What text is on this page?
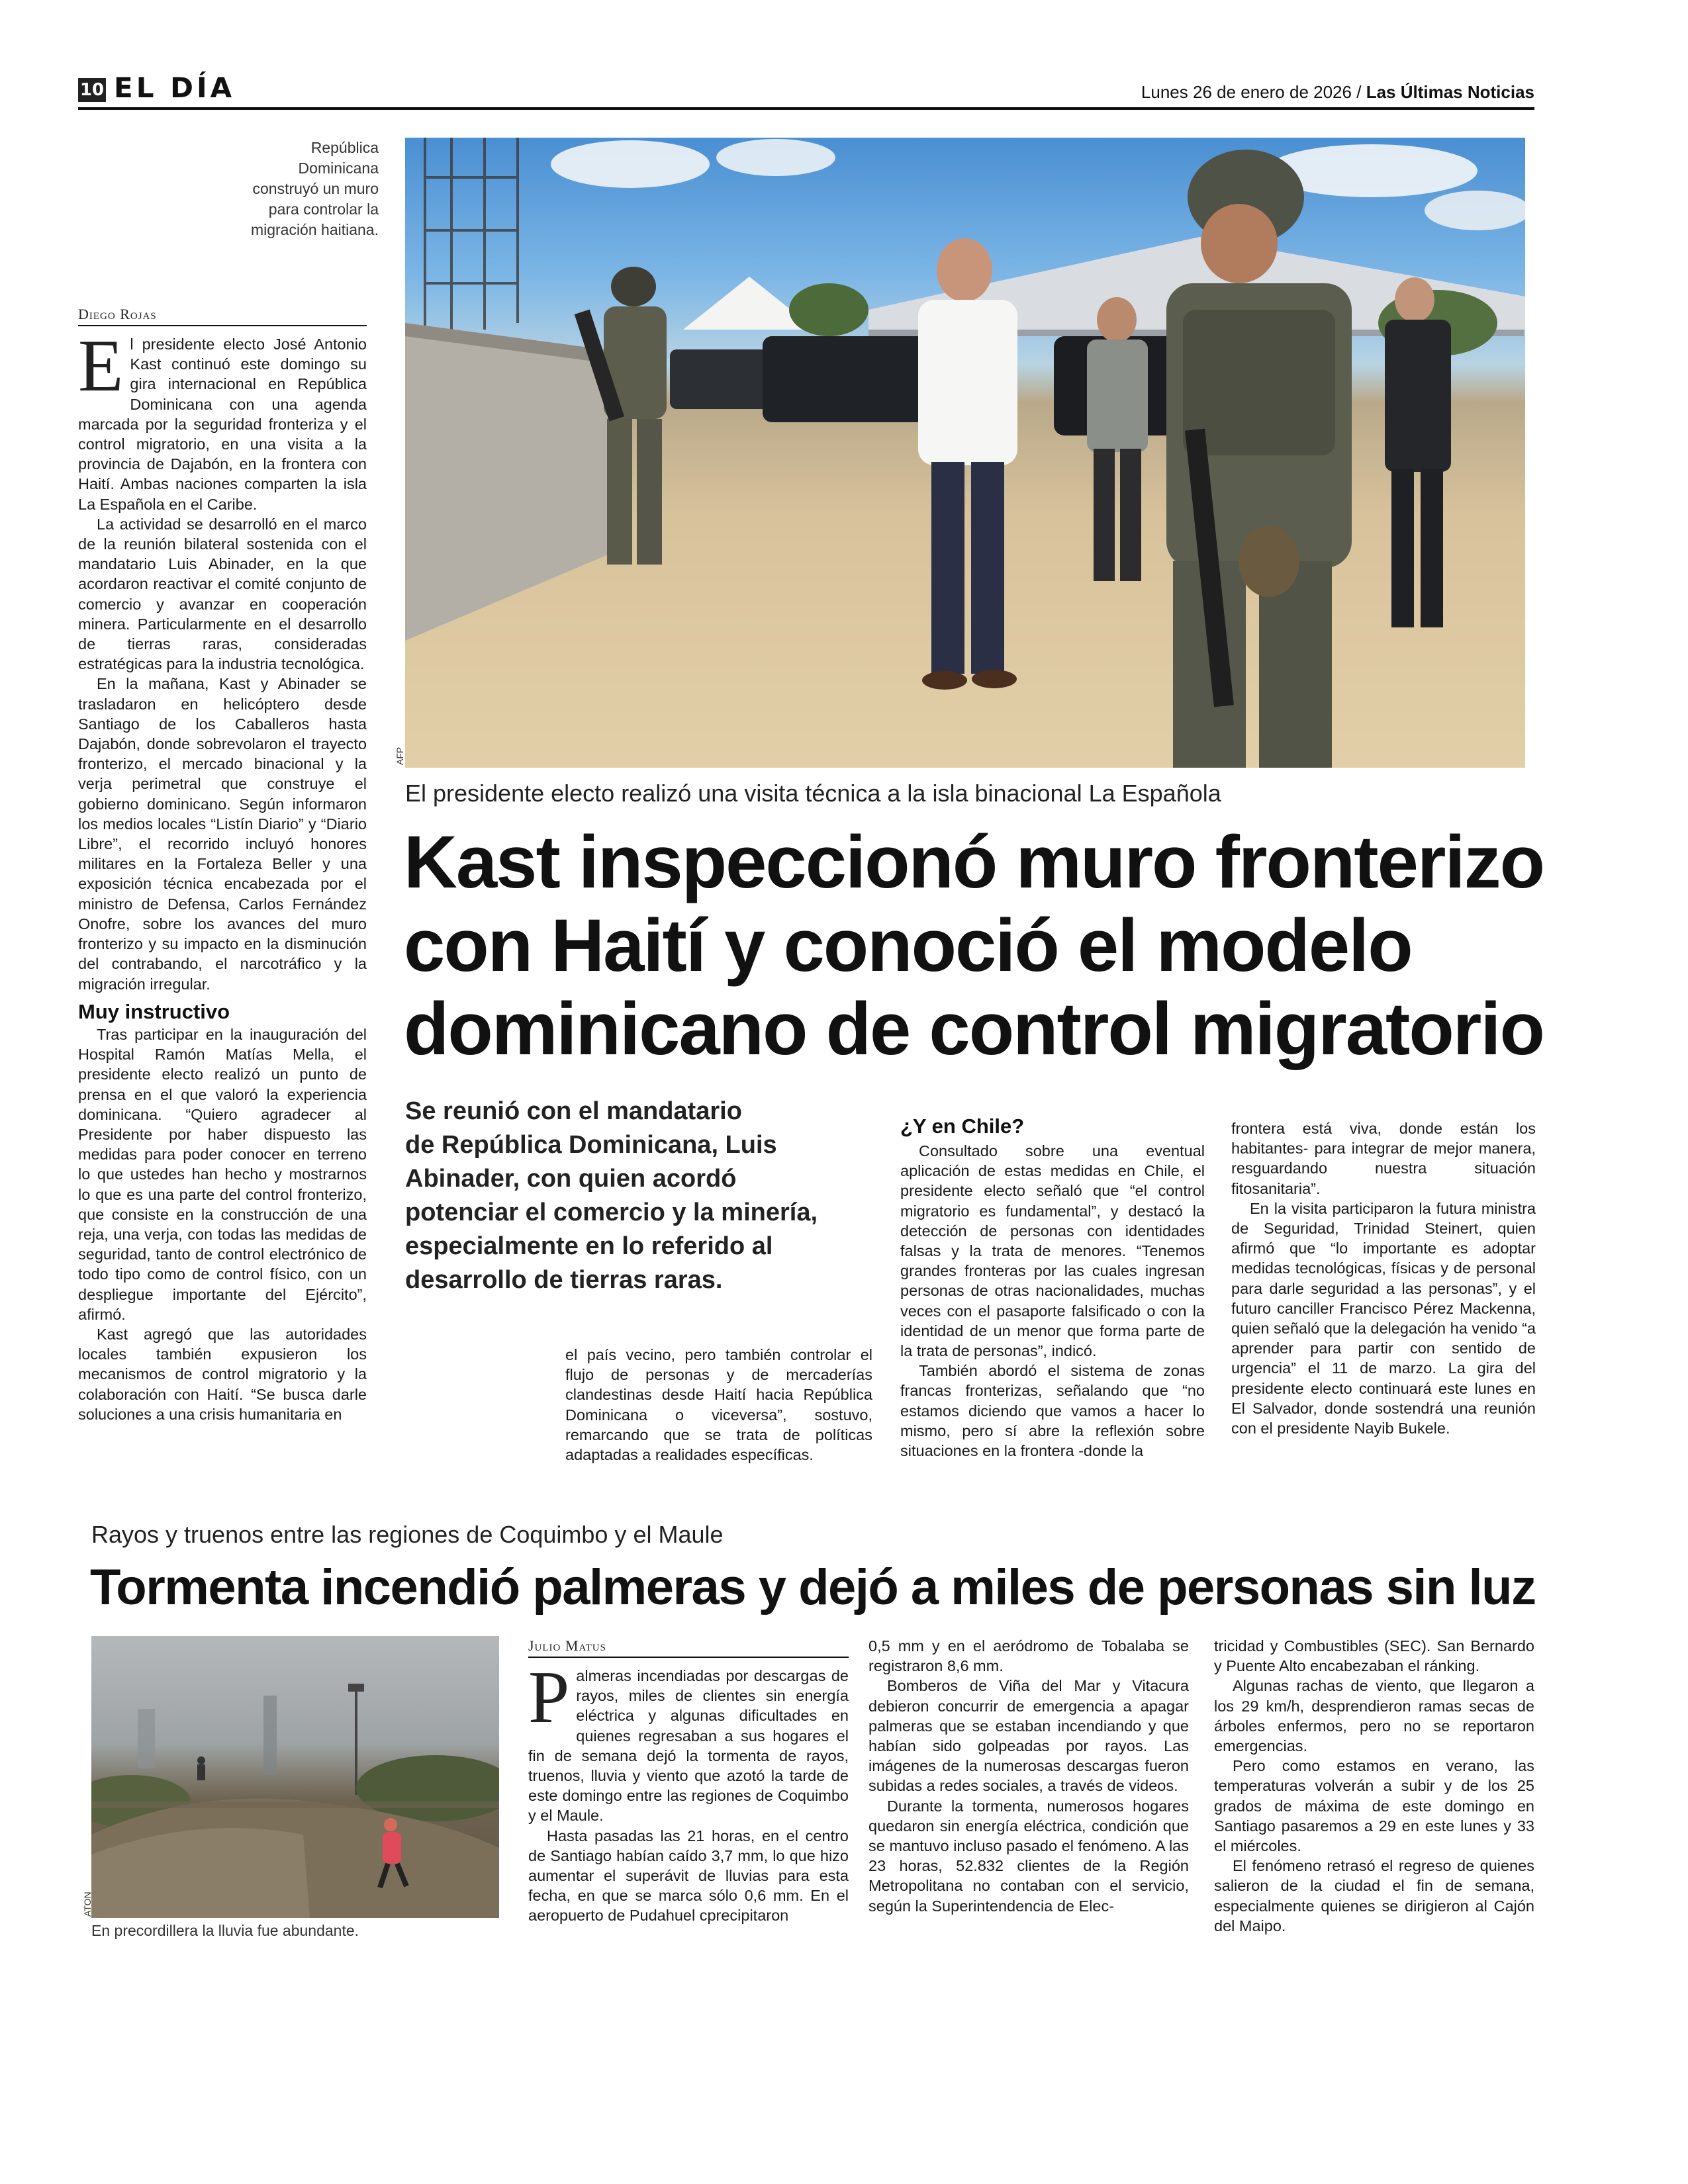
10 EL DÍA	Lunes 26 de enero de 2026 / Las Últimas Noticias
República Dominicana construyó un muro para controlar la migración haitiana.
AFP
El presidente electo realizó una visita técnica a la isla binacional La Española
Kast inspeccionó muro fronterizo
con Haití y conoció el modelo
dominicano de control migratorio
Se reunió con el mandatario
de República Dominicana, Luis
Abinader, con quien acordó
potenciar el comercio y la minería,
especialmente en lo referido al
desarrollo de tierras raras.
Diego Rojas

El presidente electo José Antonio Kast continuó este domingo su gira internacional en República Dominicana con una agenda marcada por la seguridad fronteriza y el control migratorio, en una visita a la provincia de Dajabón, en la frontera con Haití. Ambas naciones comparten la isla La Española en el Caribe.

La actividad se desarrolló en el marco de la reunión bilateral sostenida con el mandatario Luis Abinader, en la que acordaron reactivar el comité conjunto de comercio y avanzar en cooperación minera. Particularmente en el desarrollo de tierras raras, consideradas estratégicas para la industria tecnológica.

En la mañana, Kast y Abinader se trasladaron en helicóptero desde Santiago de los Caballeros hasta Dajabón, donde sobrevolaron el trayecto fronterizo, el mercado binacional y la verja perimetral que construye el gobierno dominicano. Según informaron los medios locales “Listín Diario” y “Diario Libre”, el recorrido incluyó honores militares en la Fortaleza Beller y una exposición técnica encabezada por el ministro de Defensa, Carlos Fernández Onofre, sobre los avances del muro fronterizo y su impacto en la disminución del contrabando, el narcotráfico y la migración irregular.

Muy instructivo

Tras participar en la inauguración del Hospital Ramón Matías Mella, el presidente electo realizó un punto de prensa en el que valoró la experiencia dominicana. “Quiero agradecer al Presidente por haber dispuesto las medidas para poder conocer en terreno lo que ustedes han hecho y mostrarnos lo que es una parte del control fronterizo, que consiste en la construcción de una reja, una verja, con todas las medidas de seguridad, tanto de control electrónico de todo tipo como de control físico, con un despliegue importante del Ejército”, afirmó.

Kast agregó que las autoridades locales también expusieron los mecanismos de control migratorio y la colaboración con Haití. “Se busca darle soluciones a una crisis humanitaria en

el país vecino, pero también controlar el flujo de personas y de mercaderías clandestinas desde Haití hacia República Dominicana o viceversa”, sostuvo, remarcando que se trata de políticas adaptadas a realidades específicas.

¿Y en Chile?

Consultado sobre una eventual aplicación de estas medidas en Chile, el presidente electo señaló que “el control migratorio es fundamental”, y destacó la detección de personas con identidades falsas y la trata de menores. “Tenemos grandes fronteras por las cuales ingresan personas de otras nacionalidades, muchas veces con el pasaporte falsificado o con la identidad de un menor que forma parte de la trata de personas”, indicó.

También abordó el sistema de zonas francas fronterizas, señalando que “no estamos diciendo que vamos a hacer lo mismo, pero sí abre la reflexión sobre situaciones en la frontera -donde la

frontera está viva, donde están los habitantes- para integrar de mejor manera, resguardando nuestra situación fitosanitaria”.

En la visita participaron la futura ministra de Seguridad, Trinidad Steinert, quien afirmó que “lo importante es adoptar medidas tecnológicas, físicas y de personal para darle seguridad a las personas”, y el futuro canciller Francisco Pérez Mackenna, quien señaló que la delegación ha venido “a aprender para partir con sentido de urgencia” el 11 de marzo. La gira del presidente electo continuará este lunes en El Salvador, donde sostendrá una reunión con el presidente Nayib Bukele.

Rayos y truenos entre las regiones de Coquimbo y el Maule
Tormenta incendió palmeras y dejó a miles de personas sin luz
ATON
En precordillera la lluvia fue abundante.
Julio Matus

Palmeras incendiadas por descargas de rayos, miles de clientes sin energía eléctrica y algunas dificultades en quienes regresaban a sus hogares el fin de semana dejó la tormenta de rayos, truenos, lluvia y viento que azotó la tarde de este domingo entre las regiones de Coquimbo y el Maule.

Hasta pasadas las 21 horas, en el centro de Santiago habían caído 3,7 mm, lo que hizo aumentar el superávit de lluvias para esta fecha, en que se marca sólo 0,6 mm. En el aeropuerto de Pudahuel cprecipitaron

0,5 mm y en el aeródromo de Tobalaba se registraron 8,6 mm.

Bomberos de Viña del Mar y Vitacura debieron concurrir de emergencia a apagar palmeras que se estaban incendiando y que habían sido golpeadas por rayos. Las imágenes de la numerosas descargas fueron subidas a redes sociales, a través de videos.

Durante la tormenta, numerosos hogares quedaron sin energía eléctrica, condición que se mantuvo incluso pasado el fenómeno. A las 23 horas, 52.832 clientes de la Región Metropolitana no contaban con el servicio, según la Superintendencia de Elec-

tricidad y Combustibles (SEC). San Bernardo y Puente Alto encabezaban el ránking.

Algunas rachas de viento, que llegaron a los 29 km/h, desprendieron ramas secas de árboles enfermos, pero no se reportaron emergencias.

Pero como estamos en verano, las temperaturas volverán a subir y de los 25 grados de máxima de este domingo en Santiago pasaremos a 29 en este lunes y 33 el miércoles.

El fenómeno retrasó el regreso de quienes salieron de la ciudad el fin de semana, especialmente quienes se dirigieron al Cajón del Maipo.
